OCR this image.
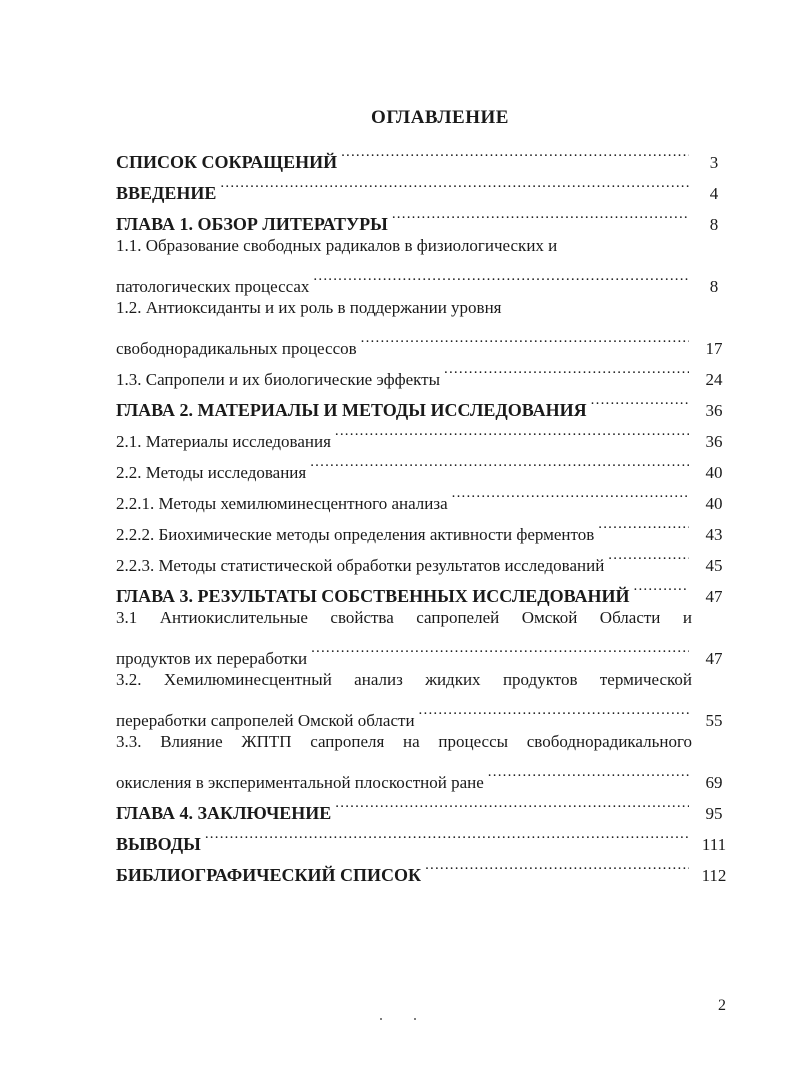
ОГЛАВЛЕНИЕ
СПИСОК СОКРАЩЕНИЙ .....	3
ВВЕДЕНИЕ .....	4
ГЛАВА 1. ОБЗОР ЛИТЕРАТУРЫ .....	8
1.1. Образование свободных радикалов в физиологических и
патологических процессах .....	8
1.2. Антиоксиданты и их роль в поддержании уровня
свободнорадикальных процессов .....	17
1.3. Сапропели и их биологические эффекты .....	24
ГЛАВА 2. МАТЕРИАЛЫ И МЕТОДЫ ИССЛЕДОВАНИЯ .....	36
2.1. Материалы исследования .....	36
2.2. Методы исследования .....	40
2.2.1. Методы хемилюминесцентного анализа .....	40
2.2.2. Биохимические методы определения активности ферментов .....	43
2.2.3. Методы статистической обработки результатов исследований .....	45
ГЛАВА 3. РЕЗУЛЬТАТЫ СОБСТВЕННЫХ ИССЛЕДОВАНИЙ .....	47
3.1 Антиокислительные свойства сапропелей Омской Области и
продуктов их переработки .....	47
3.2. Хемилюминесцентный анализ жидких продуктов термической
переработки сапропелей Омской области .....	55
3.3. Влияние ЖПТП сапропеля на процессы свободнорадикального
окисления в экспериментальной плоскостной ране .....	69
ГЛАВА 4. ЗАКЛЮЧЕНИЕ .....	95
ВЫВОДЫ .....	111
БИБЛИОГРАФИЧЕСКИЙ СПИСОК .....	112
2
